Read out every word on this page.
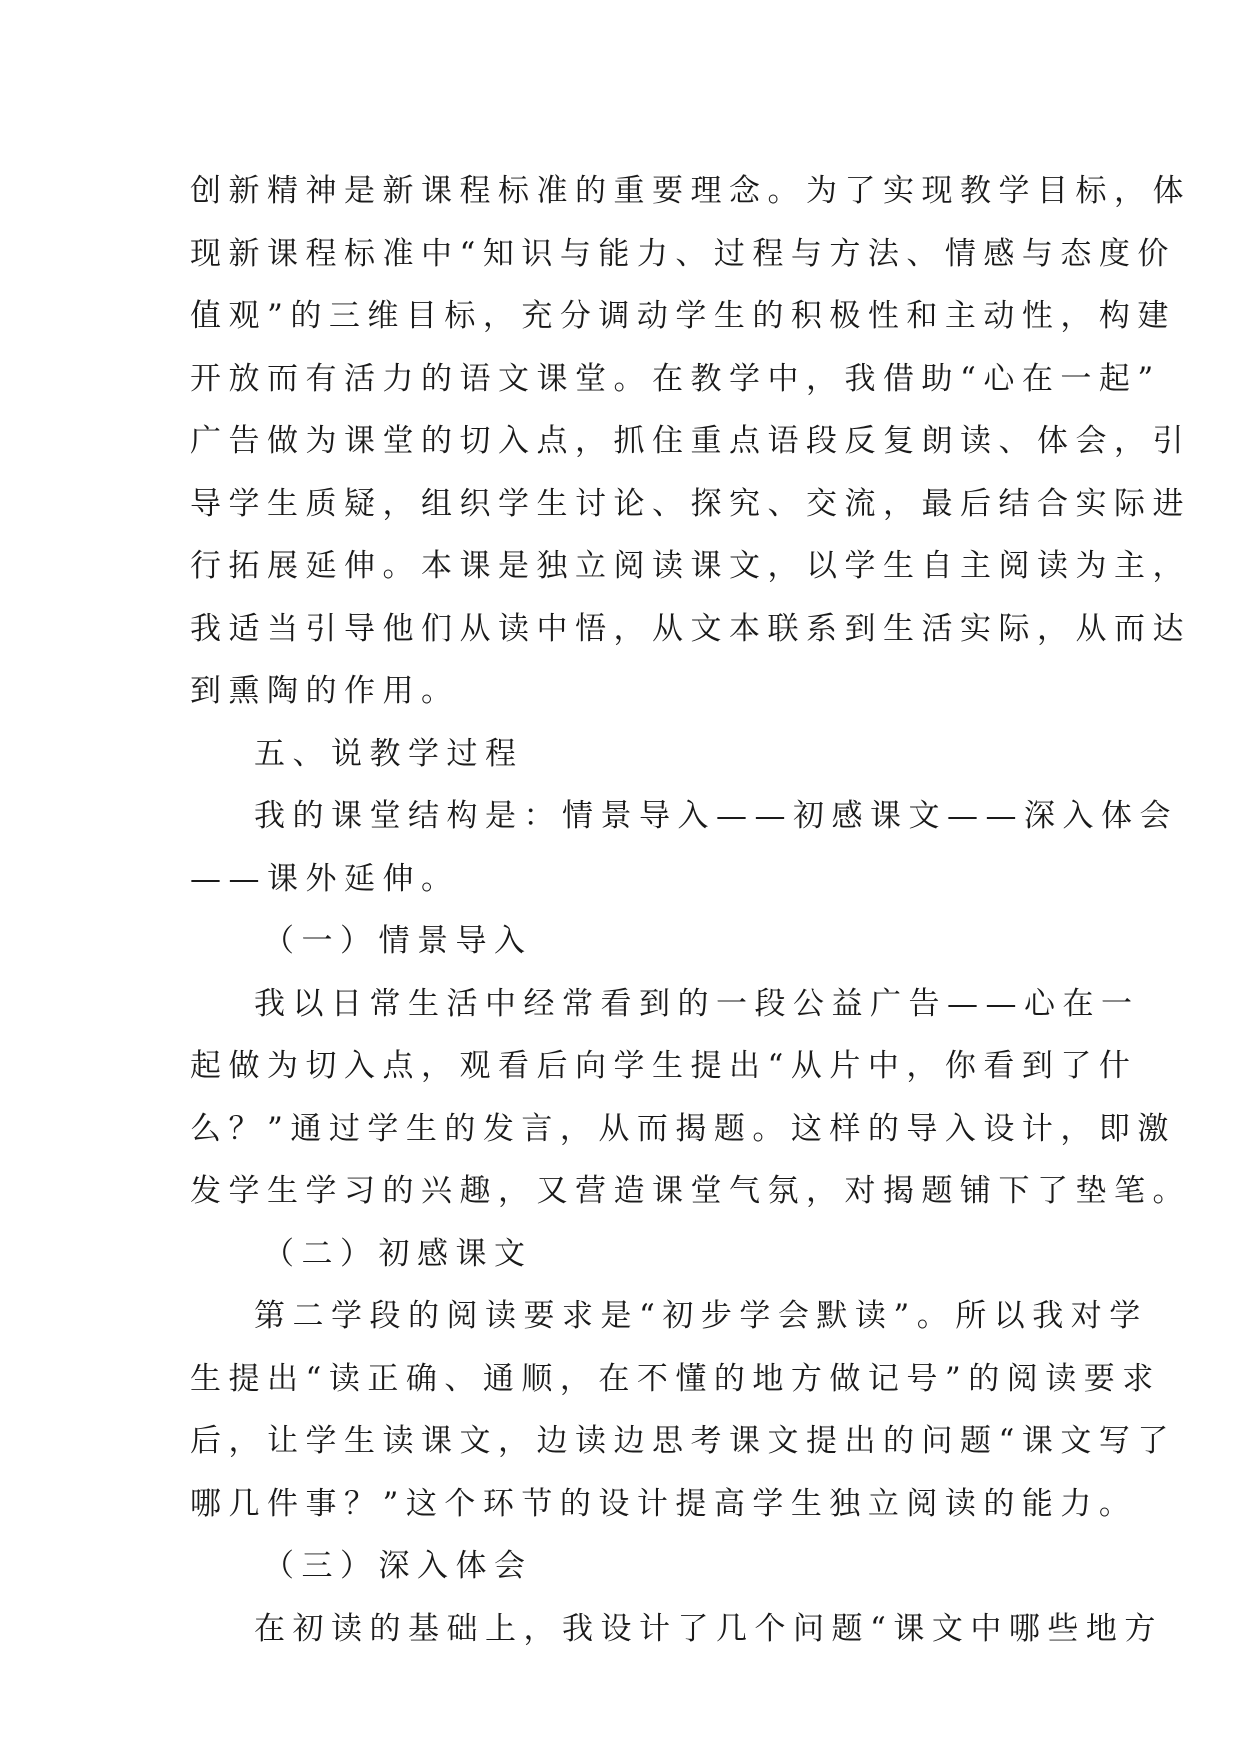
创新精神是新课程标准的重要理念。为了实现教学目标，体
现新课程标准中“知识与能力、过程与方法、情感与态度价
值观”的三维目标，充分调动学生的积极性和主动性，构建
开放而有活力的语文课堂。在教学中，我借助“心在一起”
广告做为课堂的切入点，抓住重点语段反复朗读、体会，引
导学生质疑，组织学生讨论、探究、交流，最后结合实际进
行拓展延伸。本课是独立阅读课文，以学生自主阅读为主，
我适当引导他们从读中悟，从文本联系到生活实际，从而达
到熏陶的作用。
五、说教学过程
我的课堂结构是：情景导入——初感课文——深入体会
——课外延伸。
（一）情景导入
我以日常生活中经常看到的一段公益广告——心在一
起做为切入点，观看后向学生提出“从片中，你看到了什
么？”通过学生的发言，从而揭题。这样的导入设计，即激
发学生学习的兴趣，又营造课堂气氛，对揭题铺下了垫笔。
（二）初感课文
第二学段的阅读要求是“初步学会默读”。所以我对学
生提出“读正确、通顺，在不懂的地方做记号”的阅读要求
后，让学生读课文，边读边思考课文提出的问题“课文写了
哪几件事？”这个环节的设计提高学生独立阅读的能力。
（三）深入体会
在初读的基础上，我设计了几个问题“课文中哪些地方
